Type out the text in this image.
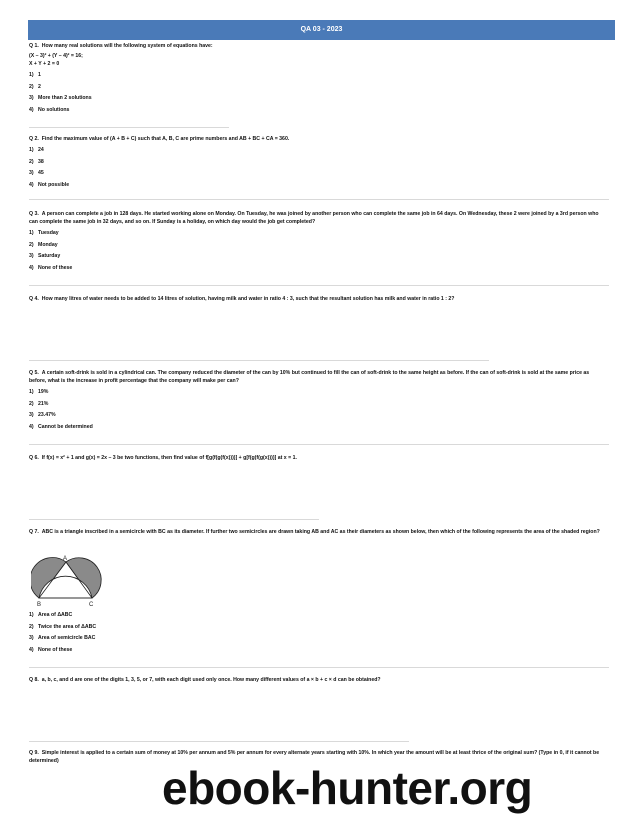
QA 03 - 2023

Q 1. How many real solutions will the following system of equations have:

(X – 3)² + (Y – 4)² = 16;

X + Y + 2 = 0

1) 1

2) 2

3) More than 2 solutions

4) No solutions

Q 2. Find the maximum value of (A + B + C) such that A, B, C are prime numbers and AB + BC + CA = 360.

1) 24

2) 38

3) 45

4) Not possible

Q 3. A person can complete a job in 128 days. He started working alone on Monday. On Tuesday, he was joined by another person who can complete the same job in 64 days. On Wednesday, these 2 were joined by a 3rd person who can complete the same job in 32 days, and so on. If Sunday is a holiday, on which day would the job get completed?

1) Tuesday

2) Monday

3) Saturday

4) None of these

Q 4. How many litres of water needs to be added to 14 litres of solution, having milk and water in ratio 4 : 3, such that the resultant solution has milk and water in ratio 1 : 2?

Q 5. A certain soft-drink is sold in a cylindrical can. The company reduced the diameter of the can by 10% but continued to fill the can of soft-drink to the same height as before. If the can of soft-drink is sold at the same price as before, what is the increase in profit percentage that the company will make per can?

1) 19%

2) 21%

3) 23.47%

4) Cannot be determined

Q 6. If f(x) = x² + 1 and g(x) = 2x – 3 be two functions, then find value of f[g(f(g(f(x))))] + g[f(g(f(g(x))))] at x = 1.

Q 7. ABC is a triangle inscribed in a semicircle with BC as its diameter. If further two semicircles are drawn taking AB and AC as their diameters as shown below, then which of the following represents the area of the shaded region?

A
B	C

1) Area of ΔABC

2) Twice the area of ΔABC

3) Area of semicircle BAC

4) None of these

Q 8. a, b, c, and d are one of the digits 1, 3, 5, or 7, with each digit used only once. How many different values of a × b + c × d can be obtained?

Q 9. Simple interest is applied to a certain sum of money at 10% per annum and 5% per annum for every alternate years starting with 10%. In which year the amount will be at least thrice of the original sum? (Type in 0, if it cannot be determined)

ebook-hunter.org
